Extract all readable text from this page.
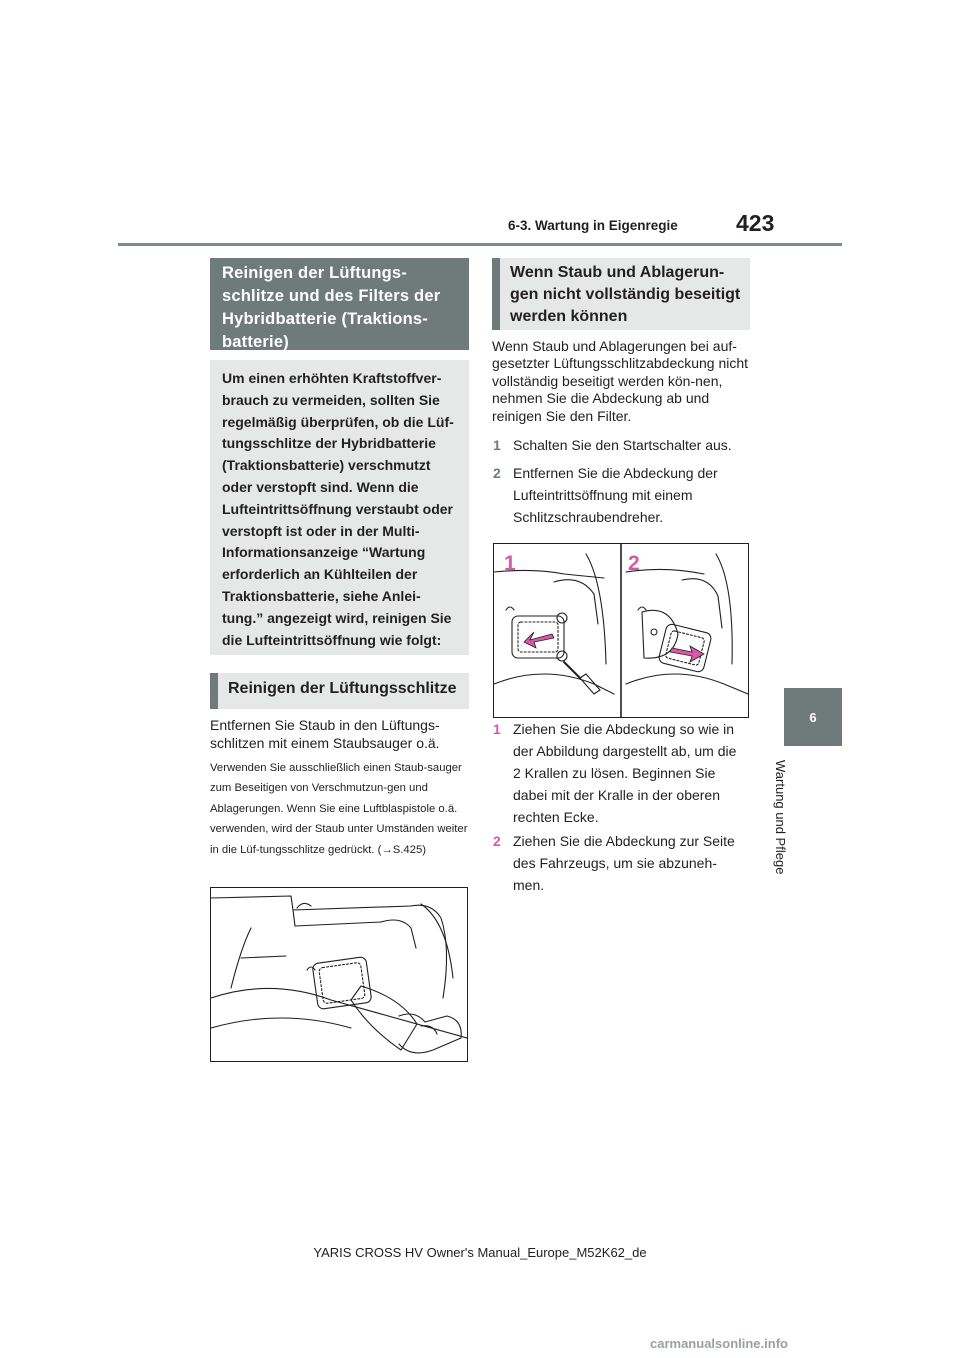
6-3. Wartung in Eigenregie	423
6
Wartung und Pflege
Reinigen der Lüftungs-schlitze und des Filters der Hybridbatterie (Traktions-batterie)
Um einen erhöhten Kraftstoffver-brauch zu vermeiden, sollten Sie regelmäßig überprüfen, ob die Lüf-tungsschlitze der Hybridbatterie (Traktionsbatterie) verschmutzt oder verstopft sind. Wenn die Lufteintrittsöffnung verstaubt oder verstopft ist oder in der Multi-Informationsanzeige “Wartung erforderlich an Kühlteilen der Traktionsbatterie, siehe Anlei-tung.” angezeigt wird, reinigen Sie die Lufteintrittsöffnung wie folgt:
Reinigen der Lüftungsschlitze
Entfernen Sie Staub in den Lüftungs-schlitzen mit einem Staubsauger o.ä.
Verwenden Sie ausschließlich einen Staub-sauger zum Beseitigen von Verschmutzun-gen und Ablagerungen. Wenn Sie eine Luftblaspistole o.ä. verwenden, wird der Staub unter Umständen weiter in die Lüf-tungsschlitze gedrückt. (→S.425)
Wenn Staub und Ablagerun-gen nicht vollständig beseitigt werden können
Wenn Staub und Ablagerungen bei auf-gesetzter Lüftungsschlitzabdeckung nicht vollständig beseitigt werden kön-nen, nehmen Sie die Abdeckung ab und reinigen Sie den Filter.
1 Schalten Sie den Startschalter aus.
2 Entfernen Sie die Abdeckung der Lufteintrittsöffnung mit einem Schlitzschraubendreher.
1	2
1 Ziehen Sie die Abdeckung so wie in der Abbildung dargestellt ab, um die 2 Krallen zu lösen. Beginnen Sie dabei mit der Kralle in der oberen rechten Ecke.
2 Ziehen Sie die Abdeckung zur Seite des Fahrzeugs, um sie abzuneh-men.
YARIS CROSS HV Owner's Manual_Europe_M52K62_de
carmanualsonline.info
